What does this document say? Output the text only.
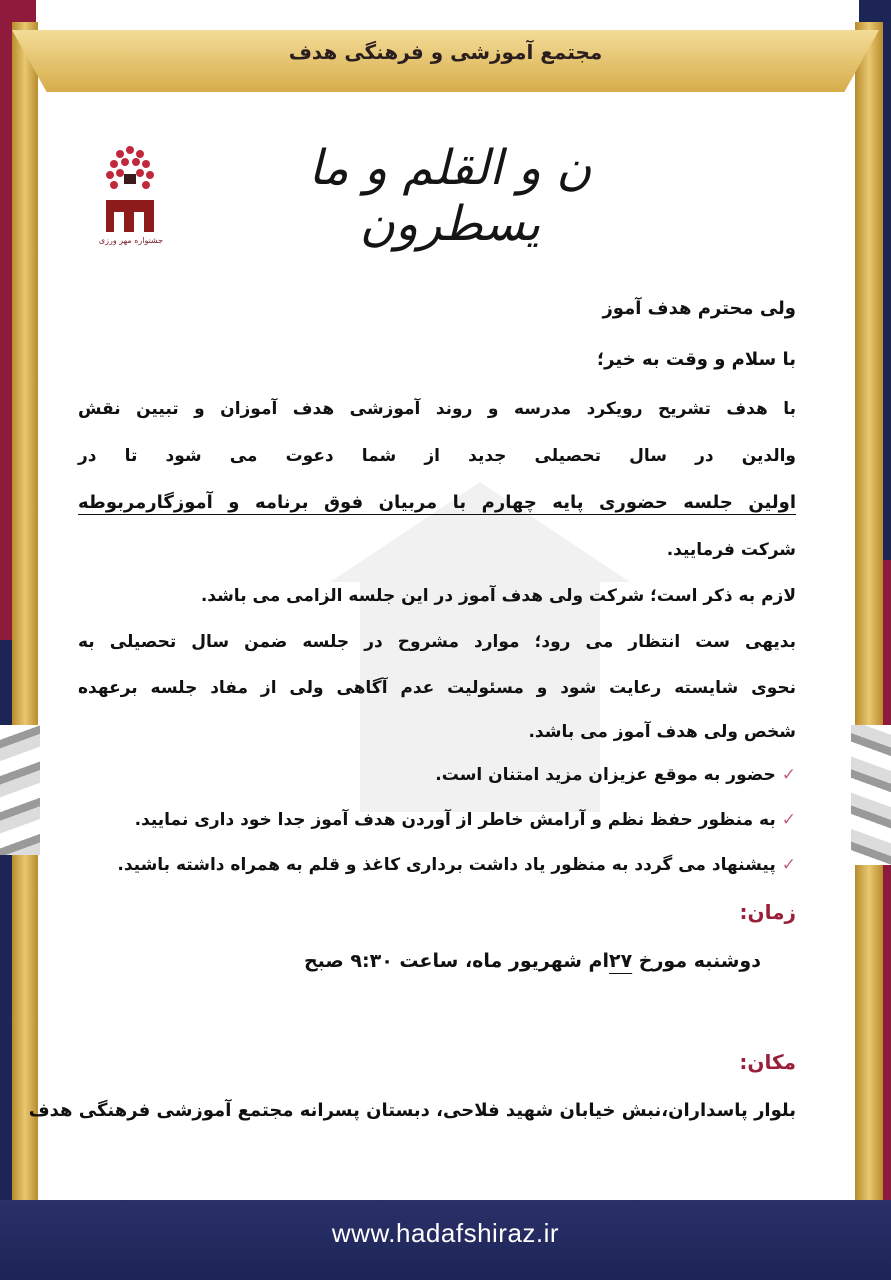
مجتمع آموزشی و فرهنگی هدف
جشنواره مهر ورزی
ن و القلم و ما یسطرون
ولی محترم هدف آموز
با سلام و وقت به خیر؛
با هدف تشریح رویکرد مدرسه و روند آموزشی هدف آموزان و تبیین نقش
والدین در سال تحصیلی جدید از شما دعوت می شود تا در
اولین جلسه حضوری پایه چهارم با مربیان فوق برنامه و آموزگارمربوطه
شرکت فرمایید.
لازم به ذکر است؛ شرکت ولی هدف آموز در این جلسه الزامی می باشد.
بدیهی ست انتظار می رود؛ موارد مشروح در جلسه ضمن سال تحصیلی به
نحوی شایسته رعایت شود و مسئولیت عدم آگاهی ولی از مفاد جلسه برعهده
شخص ولی هدف آموز می باشد.
✓حضور به موقع عزیزان مزید امتنان است.
✓به منظور حفظ نظم و آرامش خاطر از آوردن هدف آموز جدا خود داری نمایید.
✓پیشنهاد می گردد به منظور یاد داشت برداری کاغذ و قلم به همراه داشته باشید.
زمان:
دوشنبه مورخ ۲۷ام شهریور ماه، ساعت ۹:۳۰ صبح
مکان:
بلوار پاسداران،نبش خیابان شهید فلاحی، دبستان پسرانه مجتمع آموزشی فرهنگی هدف
www.hadafshiraz.ir
